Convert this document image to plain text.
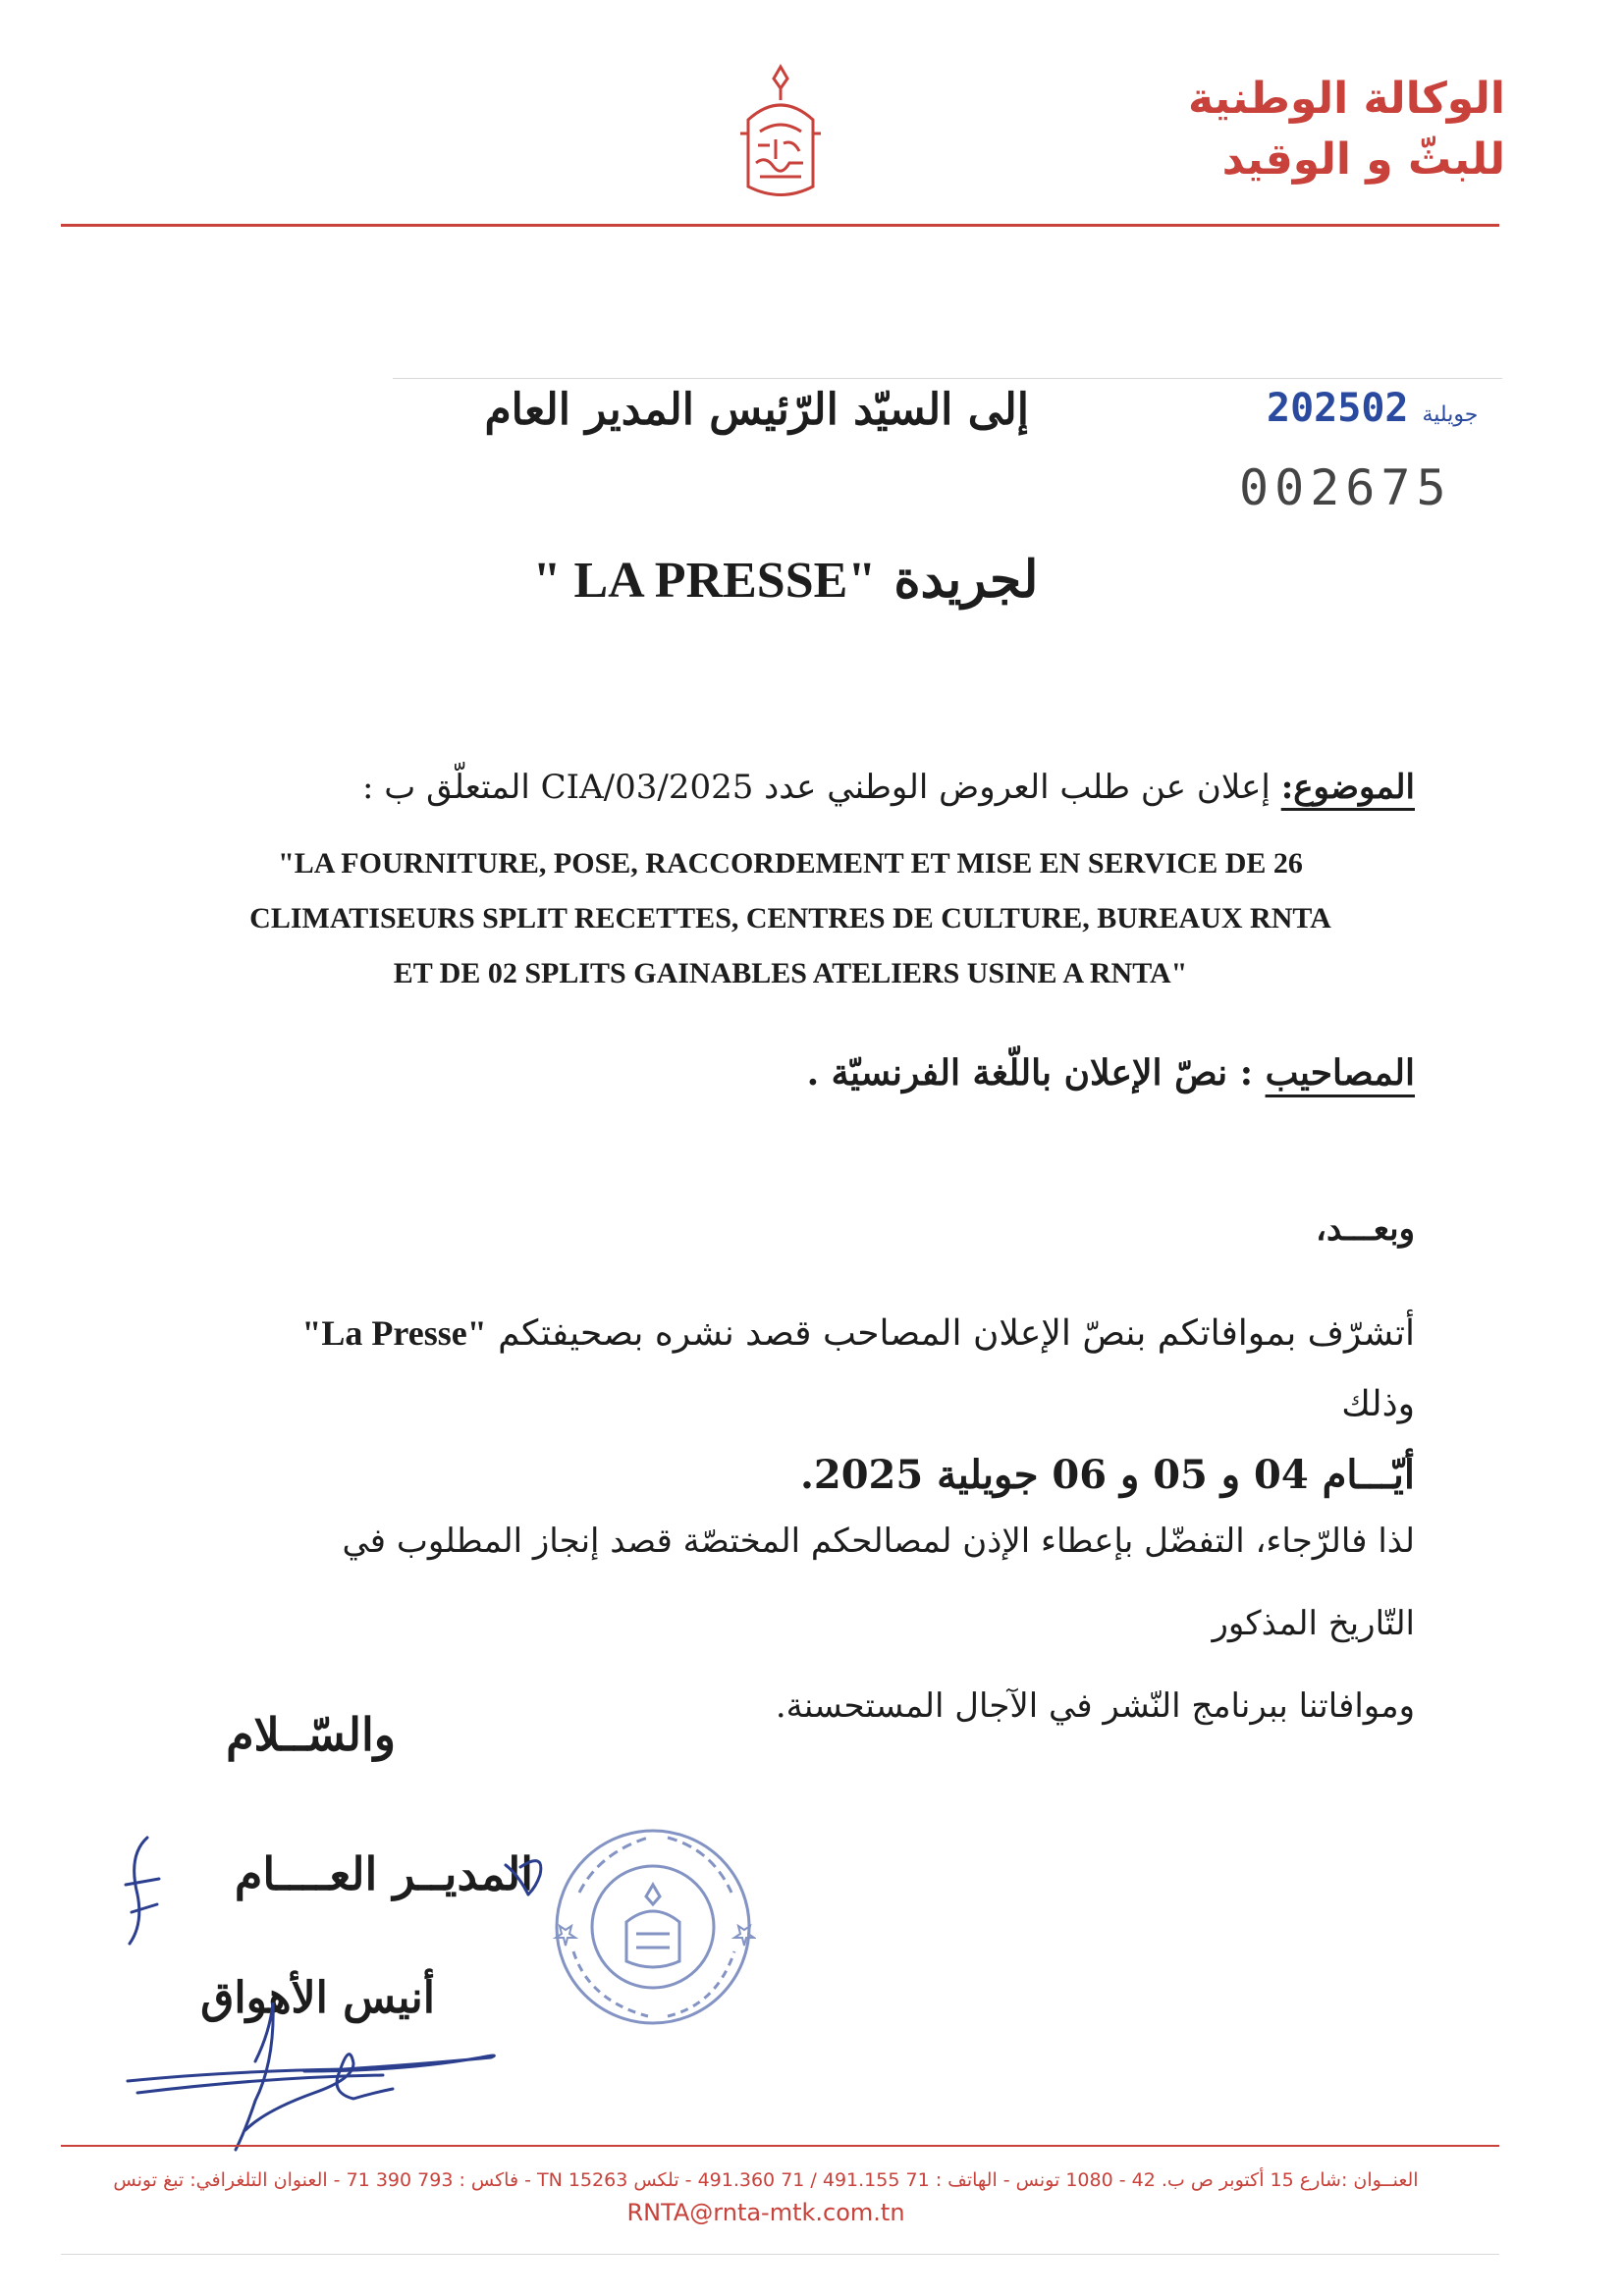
الوكالة الوطنية
للبثّ و الوقيد
2025	جويلية02
002675
إلى السيّد الرّئيس المدير العام
لجريدة "LA PRESSE "
الموضوع: إعلان عن طلب العروض الوطني عدد 2025/CIA/03 المتعلّق ب :
"LA FOURNITURE, POSE, RACCORDEMENT ET MISE EN SERVICE DE 26
CLIMATISEURS SPLIT RECETTES, CENTRES DE CULTURE, BUREAUX RNTA
ET DE 02 SPLITS GAINABLES ATELIERS USINE A RNTA"
المصاحيب : نصّ الإعلان باللّغة الفرنسيّة .
وبعـــد،
أتشرّف بموافاتكم بنصّ الإعلان المصاحب قصد نشره بصحيفتكم "La Presse" وذلك
أيّـــام 04 و 05 و 06 جويلية 2025.
لذا فالرّجاء، التفضّل بإعطاء الإذن لمصالحكم المختصّة قصد إنجاز المطلوب في التّاريخ المذكور
وموافاتنا ببرنامج النّشر في الآجال المستحسنة.
والسّــلام
المديــر العــــام
أنيس الأهواق
العنــوان :شارع 15 أكتوبر ص ب. 42 - 1080 تونس - الهاتف : 71 491.155 / 71 491.360 - تلكس 15263 TN - فاكس : 793 390 71 - العنوان التلغرافي: تبغ تونس
RNTA@rnta-mtk.com.tn
